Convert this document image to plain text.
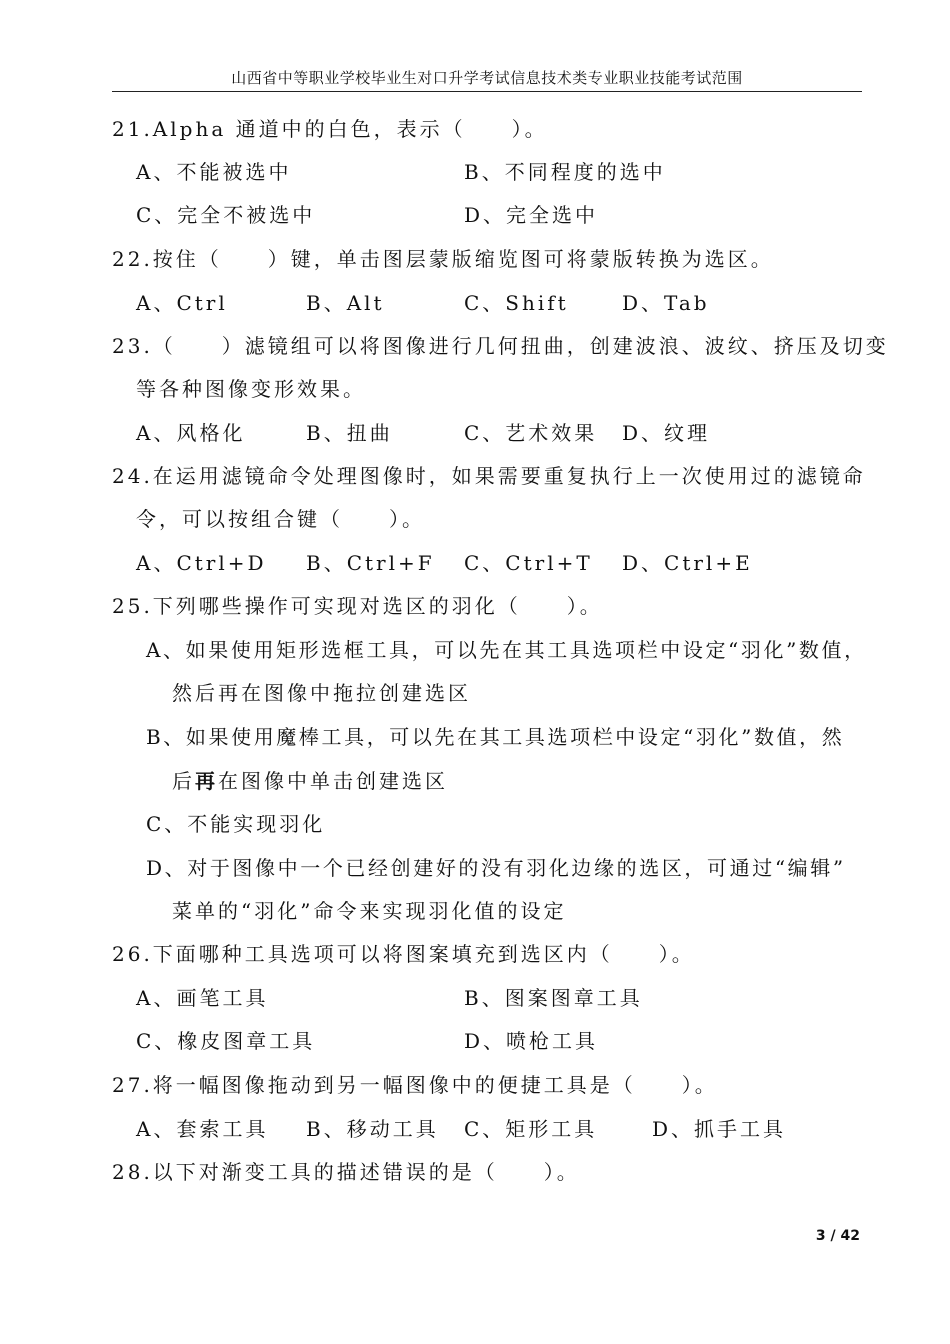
山西省中等职业学校毕业生对口升学考试信息技术类专业职业技能考试范围
21.Alpha 通道中的白色，表示（　　）。
A、不能被选中	B、不同程度的选中
C、完全不被选中	D、完全选中
22.按住（　　）键，单击图层蒙版缩览图可将蒙版转换为选区。
A、Ctrl	B、Alt	C、Shift	D、Tab
23.（　　）滤镜组可以将图像进行几何扭曲，创建波浪、波纹、挤压及切变
等各种图像变形效果。
A、风格化	B、扭曲	C、艺术效果 D、纹理
24.在运用滤镜命令处理图像时，如果需要重复执行上一次使用过的滤镜命
令，可以按组合键（　　）。
A、Ctrl+D B、Ctrl+F C、Ctrl+T D、Ctrl+E
25.下列哪些操作可实现对选区的羽化（　　）。
A、如果使用矩形选框工具，可以先在其工具选项栏中设定“羽化”数值，
然后再在图像中拖拉创建选区
B、如果使用魔棒工具，可以先在其工具选项栏中设定“羽化”数值，然
后再在图像中单击创建选区
C、不能实现羽化
D、对于图像中一个已经创建好的没有羽化边缘的选区，可通过“编辑”
菜单的“羽化”命令来实现羽化值的设定
26.下面哪种工具选项可以将图案填充到选区内（　　）。
A、画笔工具	B、图案图章工具
C、橡皮图章工具	D、喷枪工具
27.将一幅图像拖动到另一幅图像中的便捷工具是（　　）。
A、套索工具 B、移动工具 C、矩形工具	D、抓手工具
28.以下对渐变工具的描述错误的是（　　）。
3 / 42
